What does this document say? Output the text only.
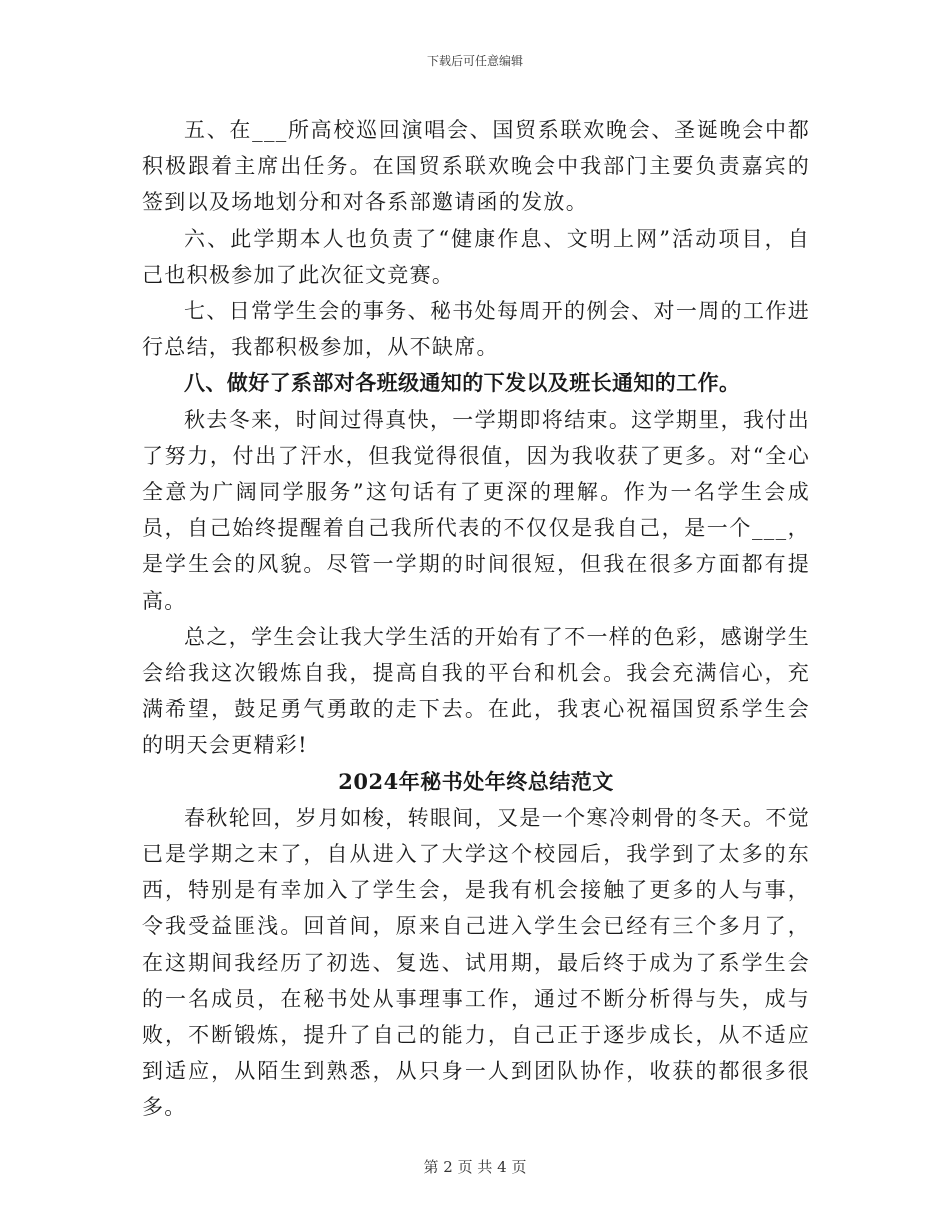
下载后可任意编辑

五、在___所高校巡回演唱会、国贸系联欢晚会、圣诞晚会中都积极跟着主席出任务。在国贸系联欢晚会中我部门主要负责嘉宾的签到以及场地划分和对各系部邀请函的发放。

六、此学期本人也负责了“健康作息、文明上网”活动项目，自己也积极参加了此次征文竞赛。

七、日常学生会的事务、秘书处每周开的例会、对一周的工作进行总结，我都积极参加，从不缺席。

八、做好了系部对各班级通知的下发以及班长通知的工作。

秋去冬来，时间过得真快，一学期即将结束。这学期里，我付出了努力，付出了汗水，但我觉得很值，因为我收获了更多。对“全心全意为广阔同学服务”这句话有了更深的理解。作为一名学生会成员，自己始终提醒着自己我所代表的不仅仅是我自己，是一个___，是学生会的风貌。尽管一学期的时间很短，但我在很多方面都有提高。

总之，学生会让我大学生活的开始有了不一样的色彩，感谢学生会给我这次锻炼自我，提高自我的平台和机会。我会充满信心，充满希望，鼓足勇气勇敢的走下去。在此，我衷心祝福国贸系学生会的明天会更精彩!

2024年秘书处年终总结范文

春秋轮回，岁月如梭，转眼间，又是一个寒冷刺骨的冬天。不觉已是学期之末了，自从进入了大学这个校园后，我学到了太多的东西，特别是有幸加入了学生会，是我有机会接触了更多的人与事，令我受益匪浅。回首间，原来自己进入学生会已经有三个多月了，在这期间我经历了初选、复选、试用期，最后终于成为了系学生会的一名成员，在秘书处从事理事工作，通过不断分析得与失，成与败，不断锻炼，提升了自己的能力，自己正于逐步成长，从不适应到适应，从陌生到熟悉，从只身一人到团队协作，收获的都很多很多。

第 2 页 共 4 页
